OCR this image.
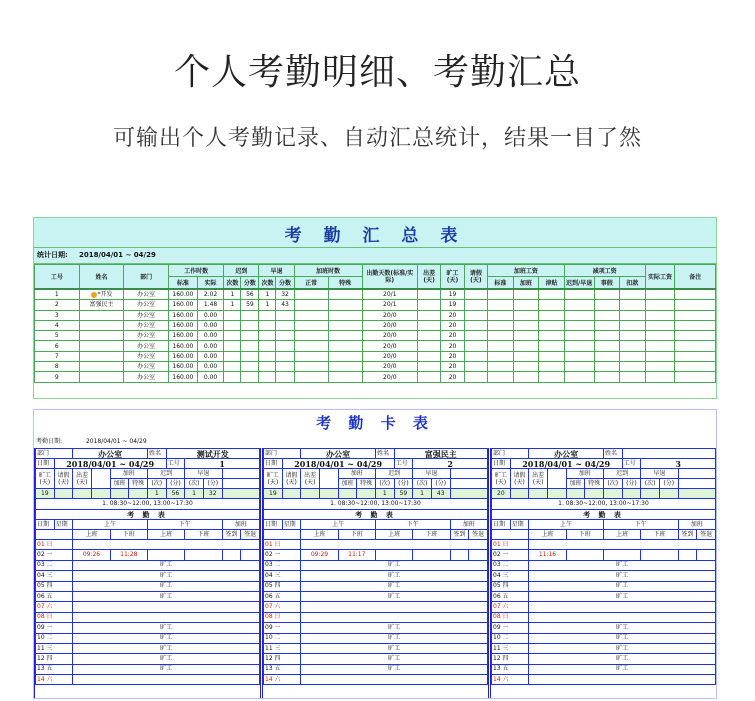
个人考勤明细、考勤汇总
可输出个人考勤记录、自动汇总统计，结果一目了然
考 勤 汇 总 表
统计日期: 2018/04/01 ~ 04/29
工号	姓名	部门	工作时数		迟到		早退		加班时数		出勤天数(标准/实际)	出差(天)	旷工(天)	请假(天)	加班工资			减项工资			实际工资	备注
			标准	实际	次数	分数	次数	分数	正常	特殊					标准	加班	津贴	迟到/早退	事假	扣款		
1	*开发	办公室	160.00	2.02	1	56	1	32			20/1		19									
2	富强民主	办公室	160.00	1.48	1	59	1	43			20/1		19									
3		办公室	160.00	0.00							20/0		20									
4		办公室	160.00	0.00							20/0		20									
5		办公室	160.00	0.00							20/0		20									
6		办公室	160.00	0.00							20/0		20									
7		办公室	160.00	0.00							20/0		20									
8		办公室	160.00	0.00							20/0		20									
9		办公室	160.00	0.00							20/0		20									
考 勤 卡 表
考勤日期:	2018/04/01 ~ 04/29
部门		办公室				姓名	测试开发				
日期	2018/04/01 ~ 04/29						工号	1			
旷工(天)	请假(天)	出差(天)		加班		迟到		早退			
				加班	特殊	(次)	(分)	(次)	(分)		
19						1	56	1	32		
1. 08:30~12:00, 13:00~17:30											
考 勤 表											
日期	星期	上午				下午				加班	
		上班		下班		上班		下班		签到	签退
01 日											
02 一		09:26		11:28							
03 二		旷工									
04 三		旷工									
05 四		旷工									
06 五		旷工									
07 六											
08 日											
09 一		旷工									
10 二		旷工									
11 三		旷工									
12 四		旷工									
13 五		旷工									
14 六											
部门		办公室				姓名	富强民主				
日期	2018/04/01 ~ 04/29						工号	2			
旷工(天)	请假(天)	出差(天)		加班		迟到		早退			
				加班	特殊	(次)	(分)	(次)	(分)		
19						1	59	1	43		
1. 08:30~12:00, 13:00~17:30											
考 勤 表											
日期	星期	上午				下午				加班	
		上班		下班		上班		下班		签到	签退
01 日											
02 一		09:29		11:17							
03 二		旷工									
04 三		旷工									
05 四		旷工									
06 五		旷工									
07 六											
08 日											
09 一		旷工									
10 二		旷工									
11 三		旷工									
12 四		旷工									
13 五		旷工									
14 六											
部门		办公室				姓名					
日期	2018/04/01 ~ 04/29						工号	3			
旷工(天)	请假(天)	出差(天)		加班		迟到		早退			
				加班	特殊	(次)	(分)	(次)	(分)		
20											
1. 08:30~12:00, 13:00~17:30											
考 勤 表											
日期	星期	上午				下午				加班	
		上班		下班		上班		下班		签到	签退
01 日											
02 一		11:16									
03 二		旷工									
04 三		旷工									
05 四		旷工									
06 五		旷工									
07 六											
08 日											
09 一		旷工									
10 二		旷工									
11 三		旷工									
12 四		旷工									
13 五		旷工									
14 六											
